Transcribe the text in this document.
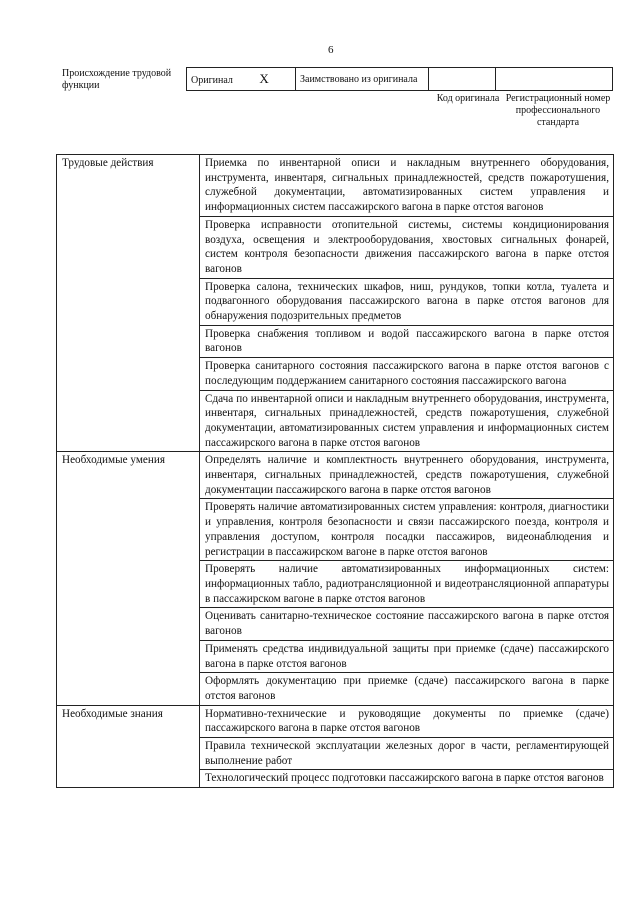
6
Происхождение трудовой функции	Оригинал X	Заимствовано из оригинала		
Код оригинала Регистрационный номер профессионального стандарта
Трудовые действия	Приемка по инвентарной описи и накладным внутреннего оборудования, инструмента, инвентаря, сигнальных принадлежностей, средств пожаротушения, служебной документации, автоматизированных систем управления и информационных систем пассажирского вагона в парке отстоя вагонов
	Проверка исправности отопительной системы, системы кондиционирования воздуха, освещения и электрооборудования, хвостовых сигнальных фонарей, систем контроля безопасности движения пассажирского вагона в парке отстоя вагонов
	Проверка салона, технических шкафов, ниш, рундуков, топки котла, туалета и подвагонного оборудования пассажирского вагона в парке отстоя вагонов для обнаружения подозрительных предметов
	Проверка снабжения топливом и водой пассажирского вагона в парке отстоя вагонов
	Проверка санитарного состояния пассажирского вагона в парке отстоя вагонов с последующим поддержанием санитарного состояния пассажирского вагона
	Сдача по инвентарной описи и накладным внутреннего оборудования, инструмента, инвентаря, сигнальных принадлежностей, средств пожаротушения, служебной документации, автоматизированных систем управления и информационных систем пассажирского вагона в парке отстоя вагонов
Необходимые умения	Определять наличие и комплектность внутреннего оборудования, инструмента, инвентаря, сигнальных принадлежностей, средств пожаротушения, служебной документации пассажирского вагона в парке отстоя вагонов
	Проверять наличие автоматизированных систем управления: контроля, диагностики и управления, контроля безопасности и связи пассажирского поезда, контроля и управления доступом, контроля посадки пассажиров, видеонаблюдения и регистрации в пассажирском вагоне в парке отстоя вагонов
	Проверять наличие автоматизированных информационных систем: информационных табло, радиотрансляционной и видеотрансляционной аппаратуры в пассажирском вагоне в парке отстоя вагонов
	Оценивать санитарно-техническое состояние пассажирского вагона в парке отстоя вагонов
	Применять средства индивидуальной защиты при приемке (сдаче) пассажирского вагона в парке отстоя вагонов
	Оформлять документацию при приемке (сдаче) пассажирского вагона в парке отстоя вагонов
Необходимые знания	Нормативно-технические и руководящие документы по приемке (сдаче) пассажирского вагона в парке отстоя вагонов
	Правила технической эксплуатации железных дорог в части, регламентирующей выполнение работ
	Технологический процесс подготовки пассажирского вагона в парке отстоя вагонов
